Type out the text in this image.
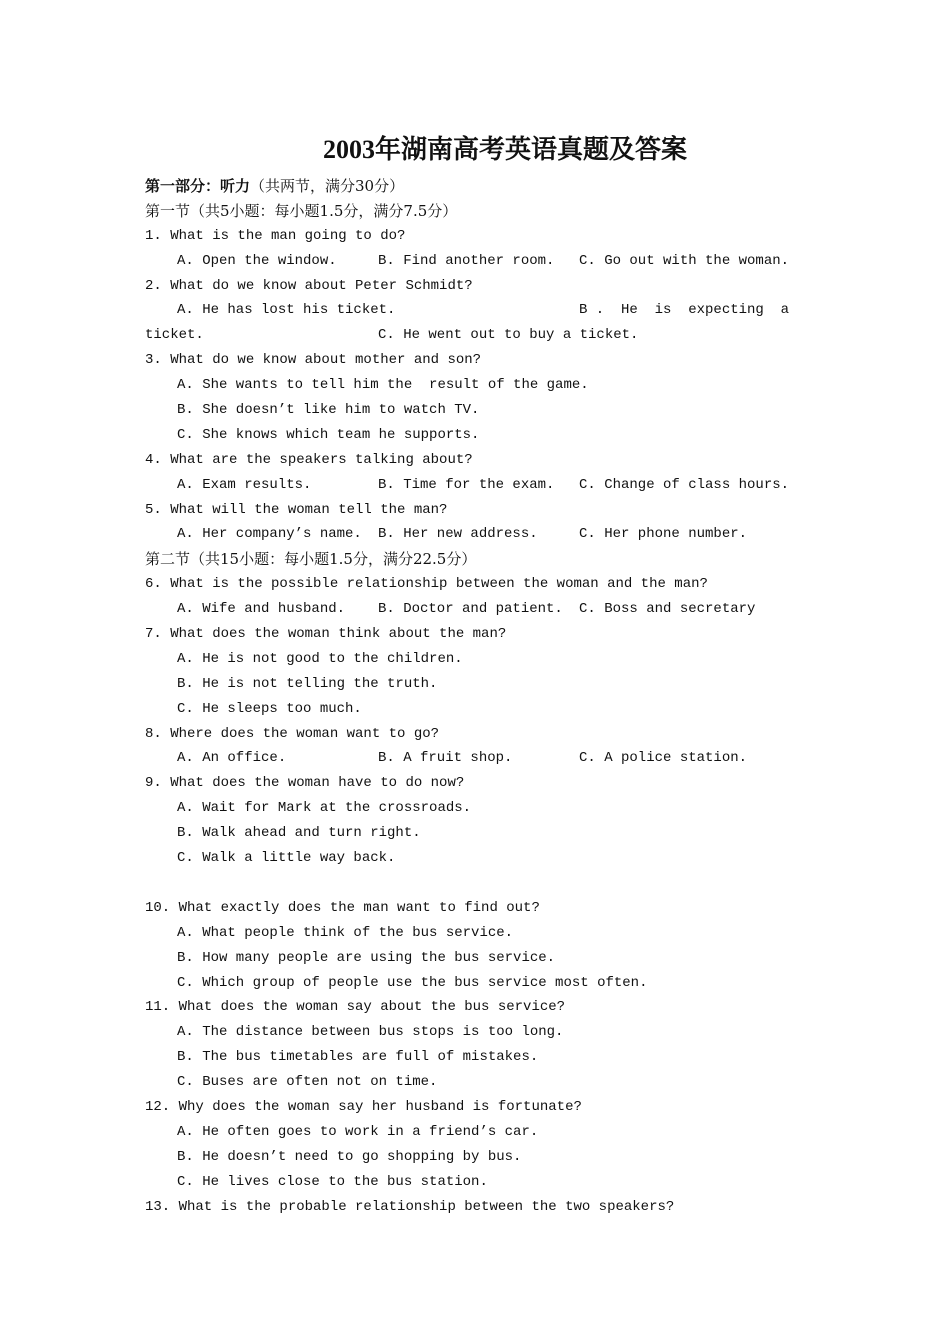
2003年湖南高考英语真题及答案
第一部分：听力（共两节，满分30分）
第一节（共5小题：每小题1.5分，满分7.5分）
1. What is the man going to do?
A. Open the window.	B. Find another room. C. Go out with the woman.
2. What do we know about Peter Schmidt?
A. He has lost his ticket.	B .  He  is  expecting  a
ticket.	C. He went out to buy a ticket.
3. What do we know about mother and son?
A. She wants to tell him the  result of the game.
B. She doesn’t like him to watch TV.
C. She knows which team he supports.
4. What are the speakers talking about?
A. Exam results.	B. Time for the exam. C. Change of class hours.
5. What will the woman tell the man?
A. Her company’s name. B. Her new address.	C. Her phone number.
第二节（共15小题：每小题1.5分，满分22.5分）
6. What is the possible relationship between the woman and the man?
A. Wife and husband. B. Doctor and patient. C. Boss and secretary
7. What does the woman think about the man?
A. He is not good to the children.
B. He is not telling the truth.
C. He sleeps too much.
8. Where does the woman want to go?
A. An office.	B. A fruit shop.	C. A police station.
9. What does the woman have to do now?
A. Wait for Mark at the crossroads.
B. Walk ahead and turn right.
C. Walk a little way back.
10. What exactly does the man want to find out?
A. What people think of the bus service.
B. How many people are using the bus service.
C. Which group of people use the bus service most often.
11. What does the woman say about the bus service?
A. The distance between bus stops is too long.
B. The bus timetables are full of mistakes.
C. Buses are often not on time.
12. Why does the woman say her husband is fortunate?
A. He often goes to work in a friend’s car.
B. He doesn’t need to go shopping by bus.
C. He lives close to the bus station.
13. What is the probable relationship between the two speakers?
